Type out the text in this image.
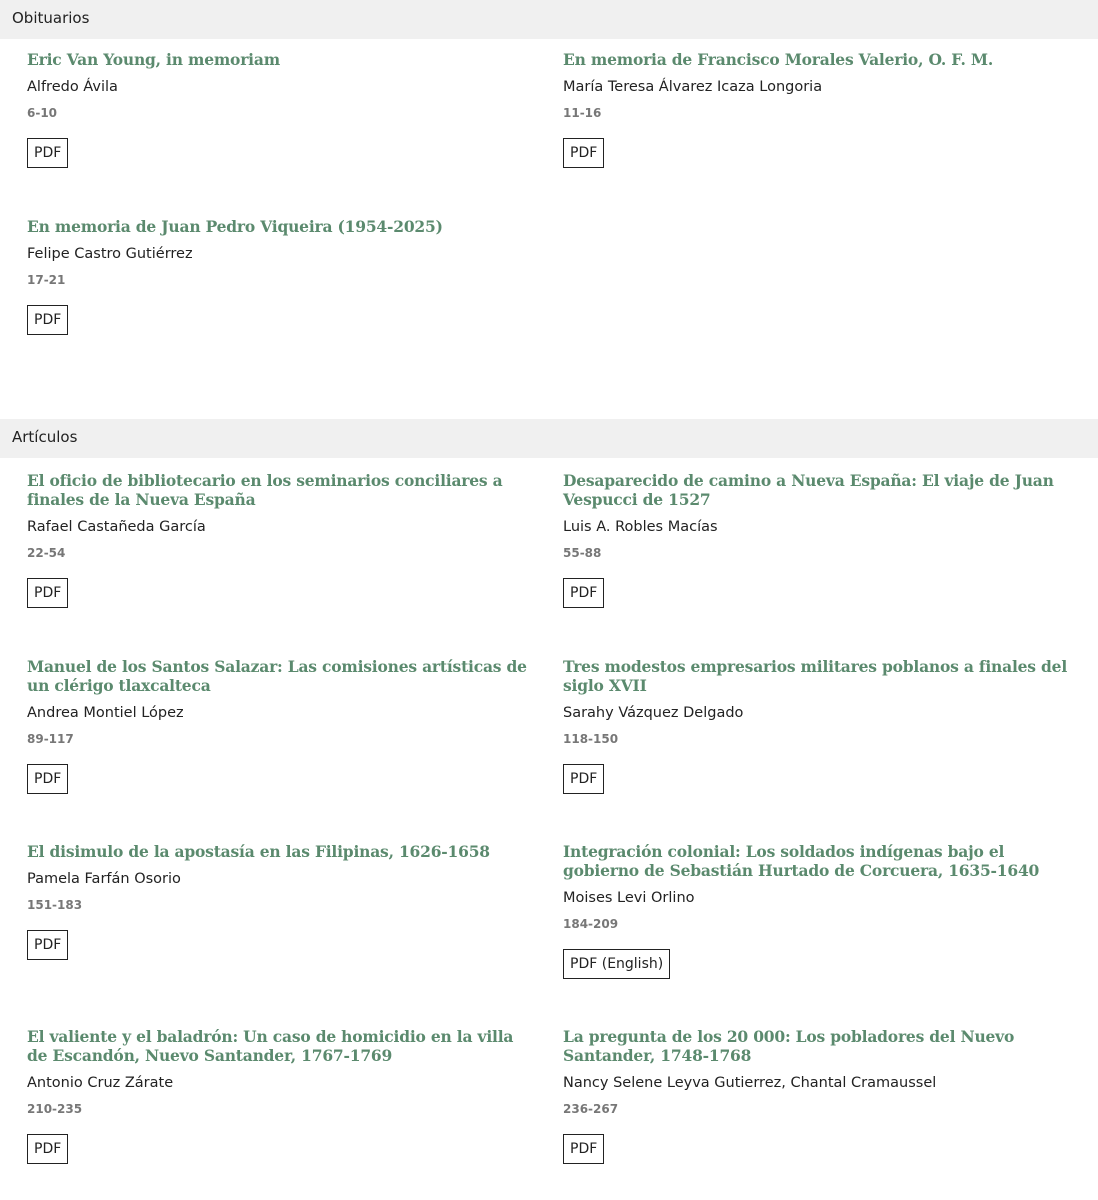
Obituarios
Eric Van Young, in memoriam
Alfredo Ávila
6-10
PDF
En memoria de Francisco Morales Valerio, O. F. M.
María Teresa Álvarez Icaza Longoria
11-16
PDF
En memoria de Juan Pedro Viqueira (1954-2025)
Felipe Castro Gutiérrez
17-21
PDF
Artículos
El oficio de bibliotecario en los seminarios conciliares a finales de la Nueva España
Rafael Castañeda García
22-54
PDF
Desaparecido de camino a Nueva España: El viaje de Juan Vespucci de 1527
Luis A. Robles Macías
55-88
PDF
Manuel de los Santos Salazar: Las comisiones artísticas de un clérigo tlaxcalteca
Andrea Montiel López
89-117
PDF
Tres modestos empresarios militares poblanos a finales del siglo XVII
Sarahy Vázquez Delgado
118-150
PDF
El disimulo de la apostasía en las Filipinas, 1626-1658
Pamela Farfán Osorio
151-183
PDF
Integración colonial: Los soldados indígenas bajo el gobierno de Sebastián Hurtado de Corcuera, 1635-1640
Moises Levi Orlino
184-209
PDF (English)
El valiente y el baladrón: Un caso de homicidio en la villa de Escandón, Nuevo Santander, 1767-1769
Antonio Cruz Zárate
210-235
PDF
La pregunta de los 20 000: Los pobladores del Nuevo Santander, 1748-1768
Nancy Selene Leyva Gutierrez, Chantal Cramaussel
236-267
PDF
